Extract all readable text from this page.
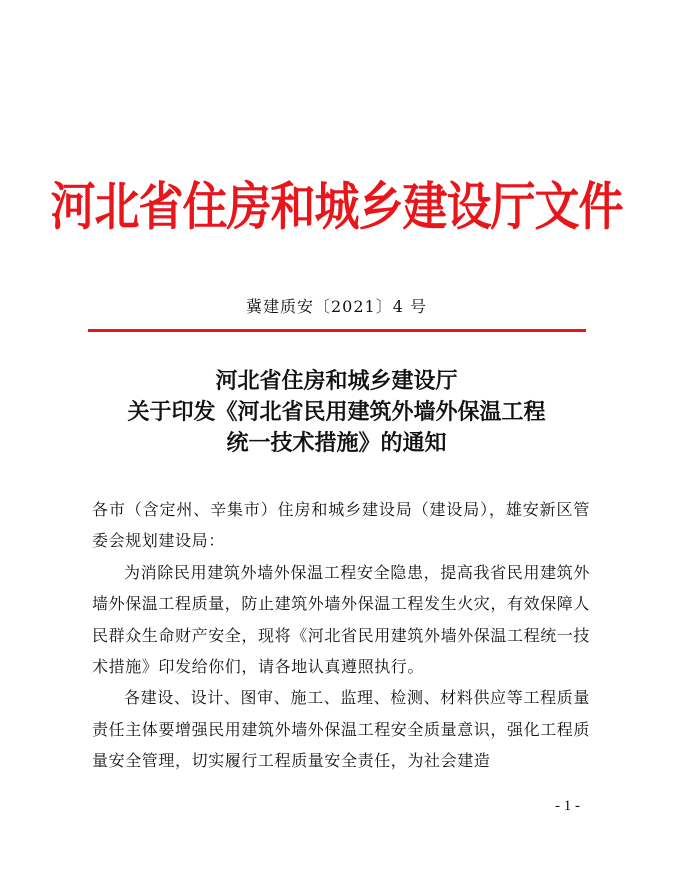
河北省住房和城乡建设厅文件
冀建质安〔2021〕4 号
河北省住房和城乡建设厅
关于印发《河北省民用建筑外墙外保温工程
统一技术措施》的通知

各市（含定州、辛集市）住房和城乡建设局（建设局），雄安新区管委会规划建设局：

为消除民用建筑外墙外保温工程安全隐患，提高我省民用建筑外墙外保温工程质量，防止建筑外墙外保温工程发生火灾，有效保障人民群众生命财产安全，现将《河北省民用建筑外墙外保温工程统一技术措施》印发给你们，请各地认真遵照执行。

各建设、设计、图审、施工、监理、检测、材料供应等工程质量责任主体要增强民用建筑外墙外保温工程安全质量意识，强化工程质量安全管理，切实履行工程质量安全责任，为社会建造

- 1 -
